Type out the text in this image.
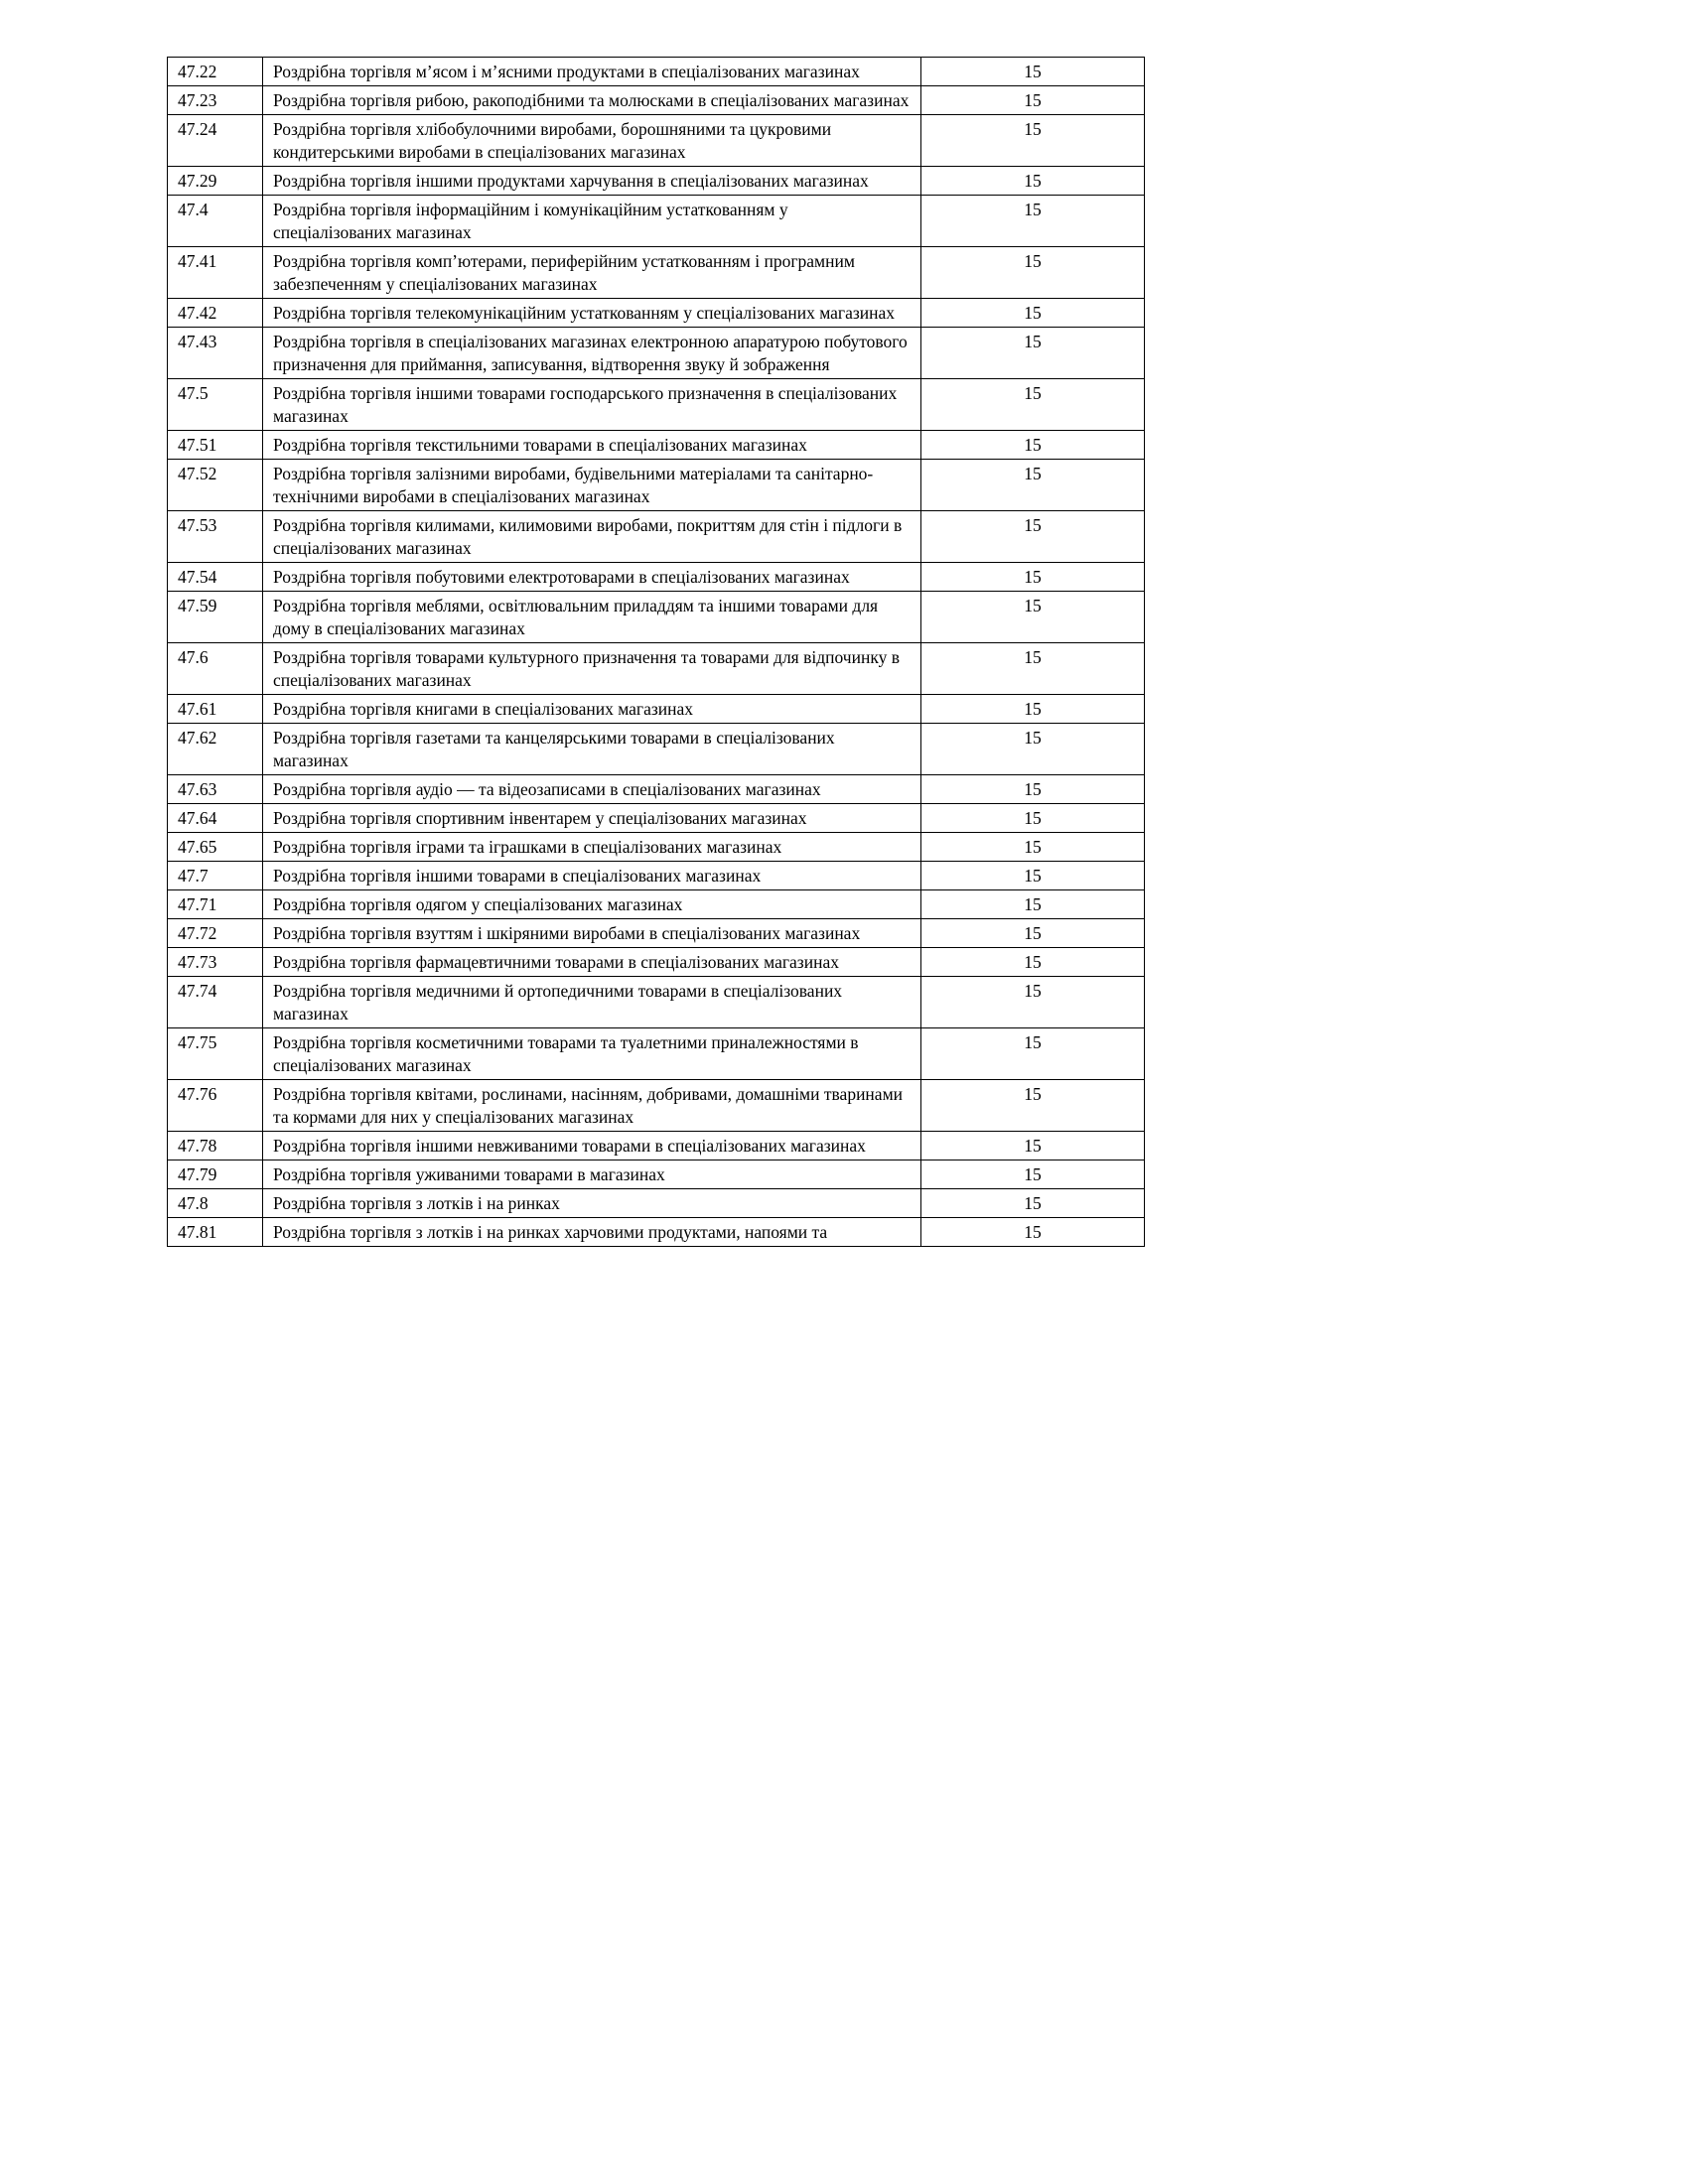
47.22	Роздрібна торгівля м’ясом і м’ясними продуктами в спеціалізованих магазинах	15
47.23	Роздрібна торгівля рибою, ракоподібними та молюсками в спеціалізованих магазинах	15
47.24	Роздрібна торгівля хлібобулочними виробами, борошняними та цукровими кондитерськими виробами в спеціалізованих магазинах	15
47.29	Роздрібна торгівля іншими продуктами харчування в спеціалізованих магазинах	15
47.4	Роздрібна торгівля інформаційним і комунікаційним устаткованням у спеціалізованих магазинах	15
47.41	Роздрібна торгівля комп’ютерами, периферійним устаткованням і програмним забезпеченням у спеціалізованих магазинах	15
47.42	Роздрібна торгівля телекомунікаційним устаткованням у спеціалізованих магазинах	15
47.43	Роздрібна торгівля в спеціалізованих магазинах електронною апаратурою побутового призначення для приймання, записування, відтворення звуку й зображення	15
47.5	Роздрібна торгівля іншими товарами господарського призначення в спеціалізованих магазинах	15
47.51	Роздрібна торгівля текстильними товарами в спеціалізованих магазинах	15
47.52	Роздрібна торгівля залізними виробами, будівельними матеріалами та санітарно-технічними виробами в спеціалізованих магазинах	15
47.53	Роздрібна торгівля килимами, килимовими виробами, покриттям для стін і підлоги в спеціалізованих магазинах	15
47.54	Роздрібна торгівля побутовими електротоварами в спеціалізованих магазинах	15
47.59	Роздрібна торгівля меблями, освітлювальним приладдям та іншими товарами для дому в спеціалізованих магазинах	15
47.6	Роздрібна торгівля товарами культурного призначення та товарами для відпочинку в спеціалізованих магазинах	15
47.61	Роздрібна торгівля книгами в спеціалізованих магазинах	15
47.62	Роздрібна торгівля газетами та канцелярськими товарами в спеціалізованих магазинах	15
47.63	Роздрібна торгівля аудіо — та відеозаписами в спеціалізованих магазинах	15
47.64	Роздрібна торгівля спортивним інвентарем у спеціалізованих магазинах	15
47.65	Роздрібна торгівля іграми та іграшками в спеціалізованих магазинах	15
47.7	Роздрібна торгівля іншими товарами в спеціалізованих магазинах	15
47.71	Роздрібна торгівля одягом у спеціалізованих магазинах	15
47.72	Роздрібна торгівля взуттям і шкіряними виробами в спеціалізованих магазинах	15
47.73	Роздрібна торгівля фармацевтичними товарами в спеціалізованих магазинах	15
47.74	Роздрібна торгівля медичними й ортопедичними товарами в спеціалізованих магазинах	15
47.75	Роздрібна торгівля косметичними товарами та туалетними приналежностями в спеціалізованих магазинах	15
47.76	Роздрібна торгівля квітами, рослинами, насінням, добривами, домашніми тваринами та кормами для них у спеціалізованих магазинах	15
47.78	Роздрібна торгівля іншими невживаними товарами в спеціалізованих магазинах	15
47.79	Роздрібна торгівля уживаними товарами в магазинах	15
47.8	Роздрібна торгівля з лотків і на ринках	15
47.81	Роздрібна торгівля з лотків і на ринках харчовими продуктами, напоями та	15
